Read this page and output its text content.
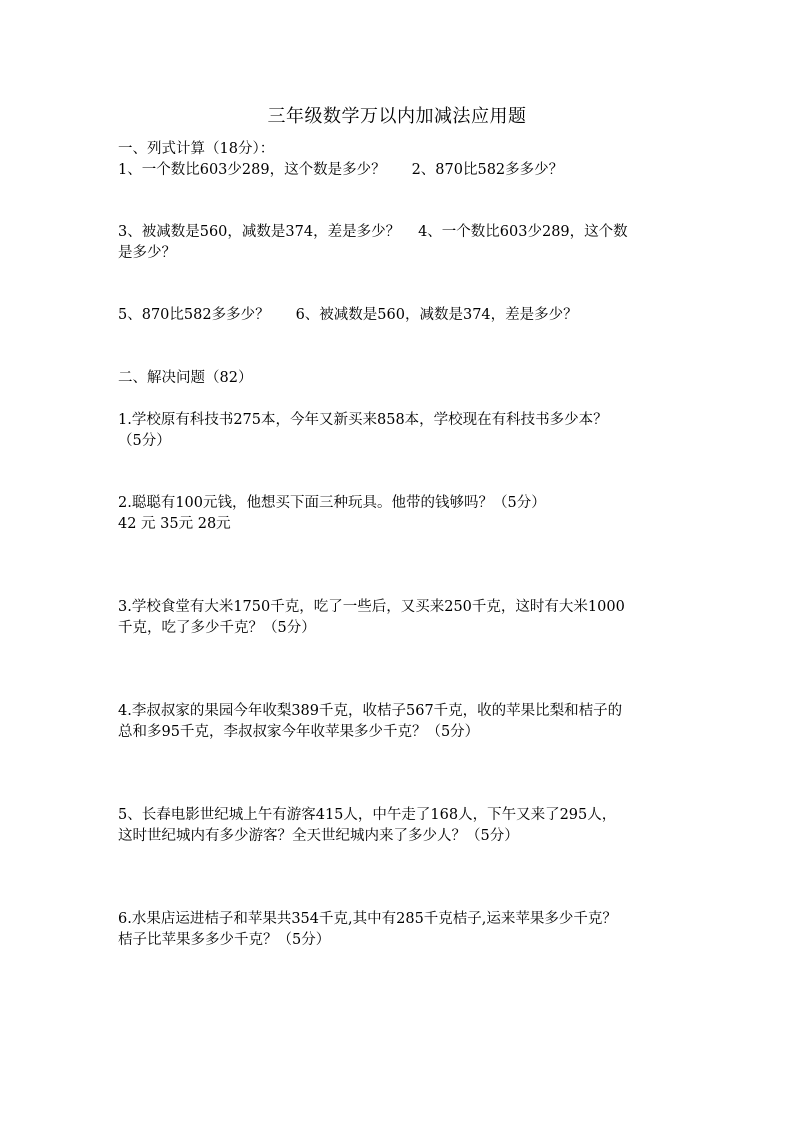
三年级数学万以内加减法应用题
一、列式计算（18分）：
1、一个数比603少289，这个数是多少？ 2、870比582多多少？
3、被减数是560，减数是374，差是多少？ 4、一个数比603少289，这个数
是多少？
5、870比582多多少？ 6、被减数是560，减数是374，差是多少？
二、解决问题（82）
1.学校原有科技书275本，今年又新买来858本，学校现在有科技书多少本？
（5分）
2.聪聪有100元钱，他想买下面三种玩具。他带的钱够吗？（5分）
42 元 35元 28元
3.学校食堂有大米1750千克，吃了一些后，又买来250千克，这时有大米1000
千克，吃了多少千克？（5分）
4.李叔叔家的果园今年收梨389千克，收桔子567千克，收的苹果比梨和桔子的
总和多95千克，李叔叔家今年收苹果多少千克？（5分）
5、长春电影世纪城上午有游客415人，中午走了168人，下午又来了295人，
这时世纪城内有多少游客？全天世纪城内来了多少人？（5分）
6.水果店运进桔子和苹果共354千克,其中有285千克桔子,运来苹果多少千克？
桔子比苹果多多少千克？（5分）
